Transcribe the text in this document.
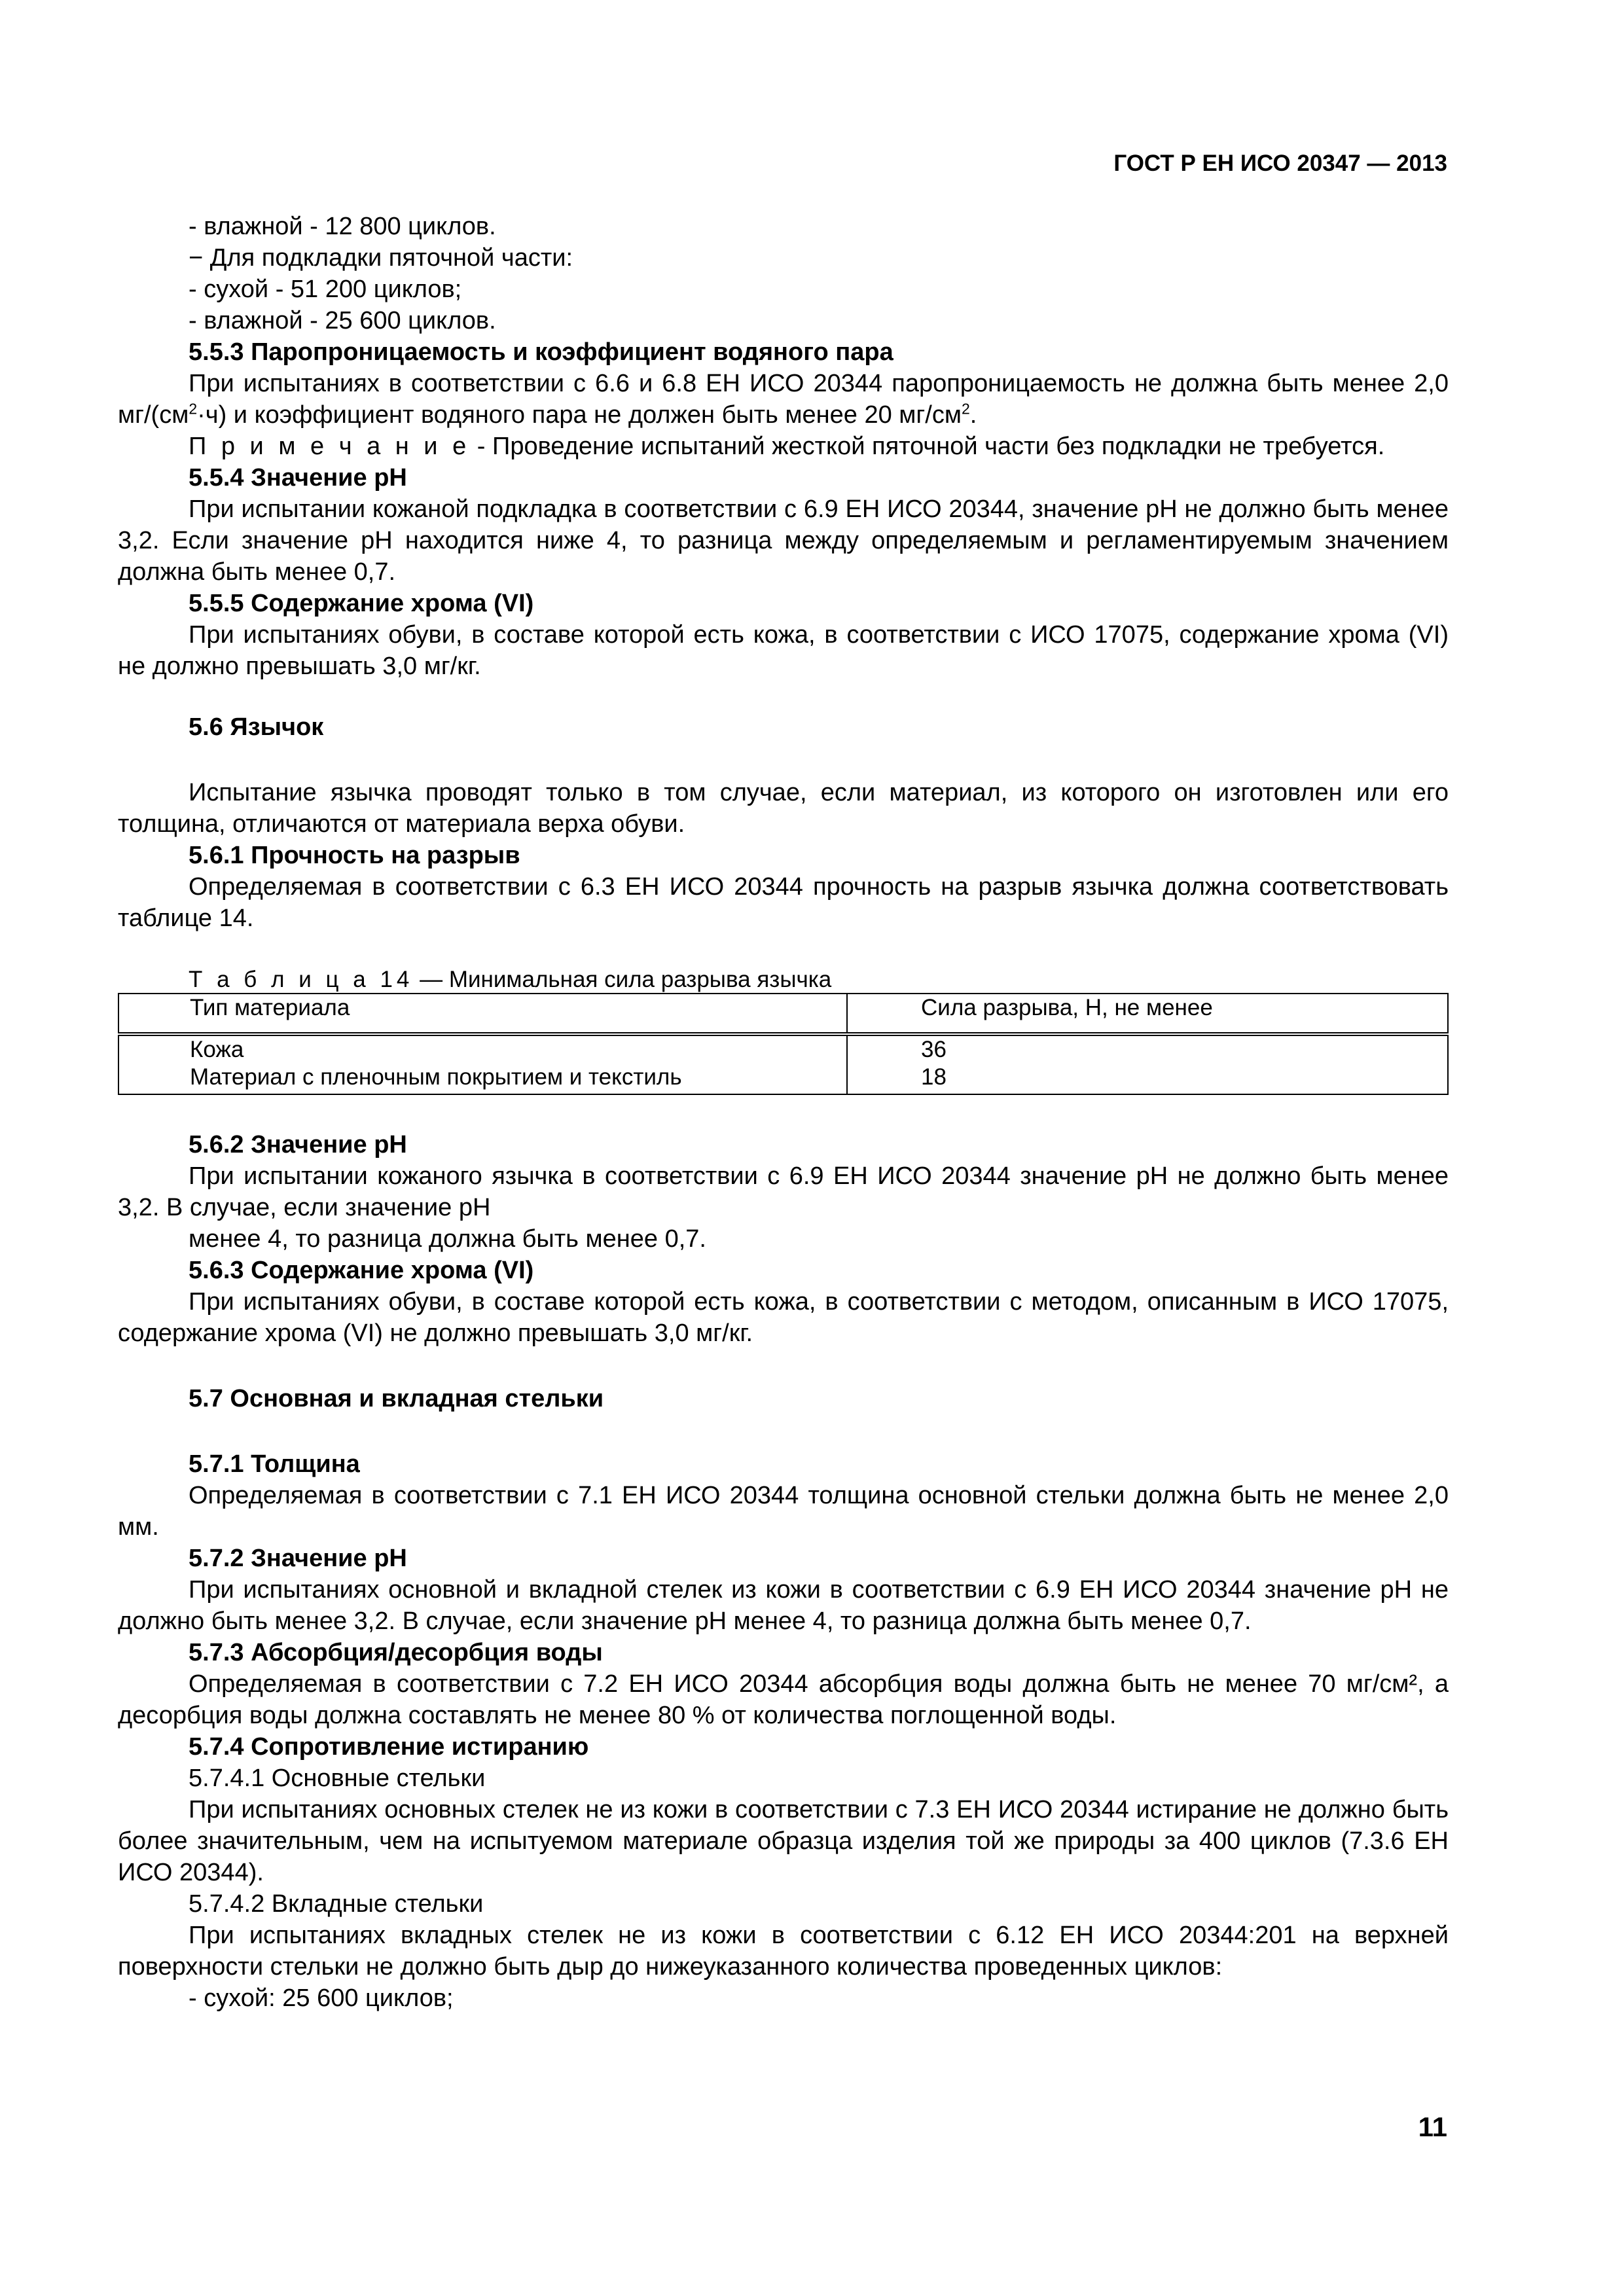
ГОСТ Р ЕН ИСО 20347 — 2013

- влажной - 12 800 циклов.

− Для подкладки пяточной части:

- сухой - 51 200 циклов;

- влажной - 25 600 циклов.

5.5.3 Паропроницаемость и коэффициент водяного пара

При испытаниях в соответствии с 6.6 и 6.8 ЕН ИСО 20344 паропроницаемость не должна быть менее 2,0 $мг/(см^2\cdot ч)$ и коэффициент водяного пара не должен быть менее 20 $мг/см^2$.

П р и м е ч а н и е - Проведение испытаний жесткой пяточной части без подкладки не требуется.

5.5.4 Значение pH

При испытании кожаной подкладка в соответствии с 6.9 ЕН ИСО 20344, значение pH не должно быть менее 3,2. Если значение pH находится ниже 4, то разница между определяемым и регламентируемым значением должна быть менее 0,7.

5.5.5 Содержание хрома (VI)

При испытаниях обуви, в составе которой есть кожа, в соответствии с ИСО 17075, содержание хрома (VI) не должно превышать 3,0 мг/кг.

5.6 Язычок

Испытание язычка проводят только в том случае, если материал, из которого он изготовлен или его толщина, отличаются от материала верха обуви.

5.6.1 Прочность на разрыв

Определяемая в соответствии с 6.3 ЕН ИСО 20344 прочность на разрыв язычка должна соответствовать таблице 14.

Т а б л и ц а 14 — Минимальная сила разрыва язычка
Тип материала	Сила разрыва, Н, не менее
Кожа	36
Материал с пленочным покрытием и текстиль	18

5.6.2 Значение pH

При испытании кожаного язычка в соответствии с 6.9 ЕН ИСО 20344 значение pH не должно быть менее 3,2. В случае, если значение pH

менее 4, то разница должна быть менее 0,7.

5.6.3 Содержание хрома (VI)

При испытаниях обуви, в составе которой есть кожа, в соответствии с методом, описанным в ИСО 17075, содержание хрома (VI) не должно превышать 3,0 мг/кг.

5.7 Основная и вкладная стельки

5.7.1 Толщина

Определяемая в соответствии с 7.1 ЕН ИСО 20344 толщина основной стельки должна быть не менее 2,0 мм.

5.7.2 Значение pH

При испытаниях основной и вкладной стелек из кожи в соответствии с 6.9 ЕН ИСО 20344 значение pH не должно быть менее 3,2. В случае, если значение pH менее 4, то разница должна быть менее 0,7.

5.7.3 Абсорбция/десорбция воды

Определяемая в соответствии с 7.2 ЕН ИСО 20344 абсорбция воды должна быть не менее 70 мг/см², а десорбция воды должна составлять не менее 80 % от количества поглощенной воды.

5.7.4 Сопротивление истиранию

5.7.4.1 Основные стельки

При испытаниях основных стелек не из кожи в соответствии с 7.3 ЕН ИСО 20344 истирание не должно быть более значительным, чем на испытуемом материале образца изделия той же природы за 400 циклов (7.3.6 ЕН ИСО 20344).

5.7.4.2 Вкладные стельки

При испытаниях вкладных стелек не из кожи в соответствии с 6.12 ЕН ИСО 20344:201 на верхней поверхности стельки не должно быть дыр до нижеуказанного количества проведенных циклов:

- сухой: 25 600 циклов;

11
